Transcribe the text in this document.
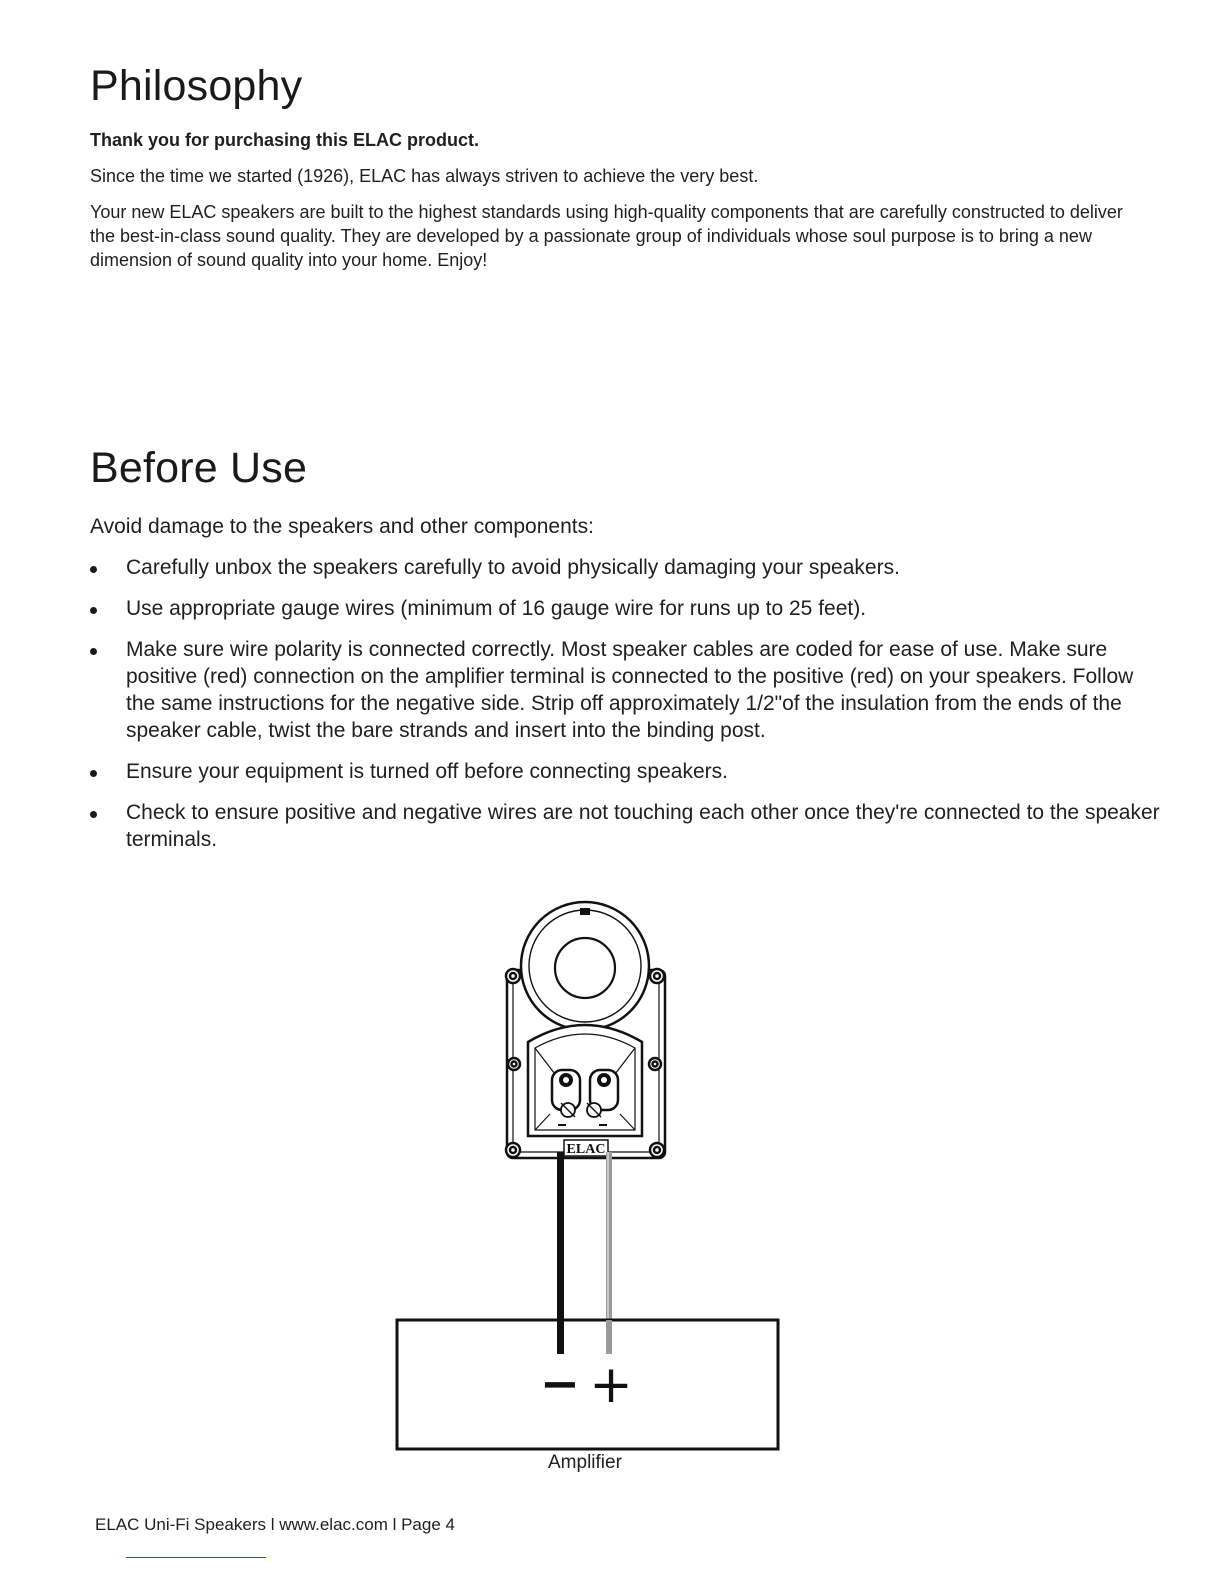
Philosophy

Thank you for purchasing this ELAC product.

Since the time we started (1926), ELAC has always striven to achieve the very best.

Your new ELAC speakers are built to the highest standards using high-quality components that are carefully constructed to deliver the best-in-class sound quality. They are developed by a passionate group of individuals whose soul purpose is to bring a new dimension of sound quality into your home. Enjoy!

Before Use

Avoid damage to the speakers and other components:

Carefully unbox the speakers carefully to avoid physically damaging your speakers.
Use appropriate gauge wires (minimum of 16 gauge wire for runs up to 25 feet).
Make sure wire polarity is connected correctly. Most speaker cables are coded for ease of use. Make sure positive (red) connection on the amplifier terminal is connected to the positive (red) on your speakers. Follow the same instructions for the negative side. Strip off approximately 1/2"of the insulation from the ends of the speaker cable, twist the bare strands and insert into the binding post.
Ensure your equipment is turned off before connecting speakers.
Check to ensure positive and negative wires are not touching each other once they're connected to the speaker terminals.
ELAC
− +
Amplifier
ELAC Uni-Fi Speakers l www.elac.com l Page 4
